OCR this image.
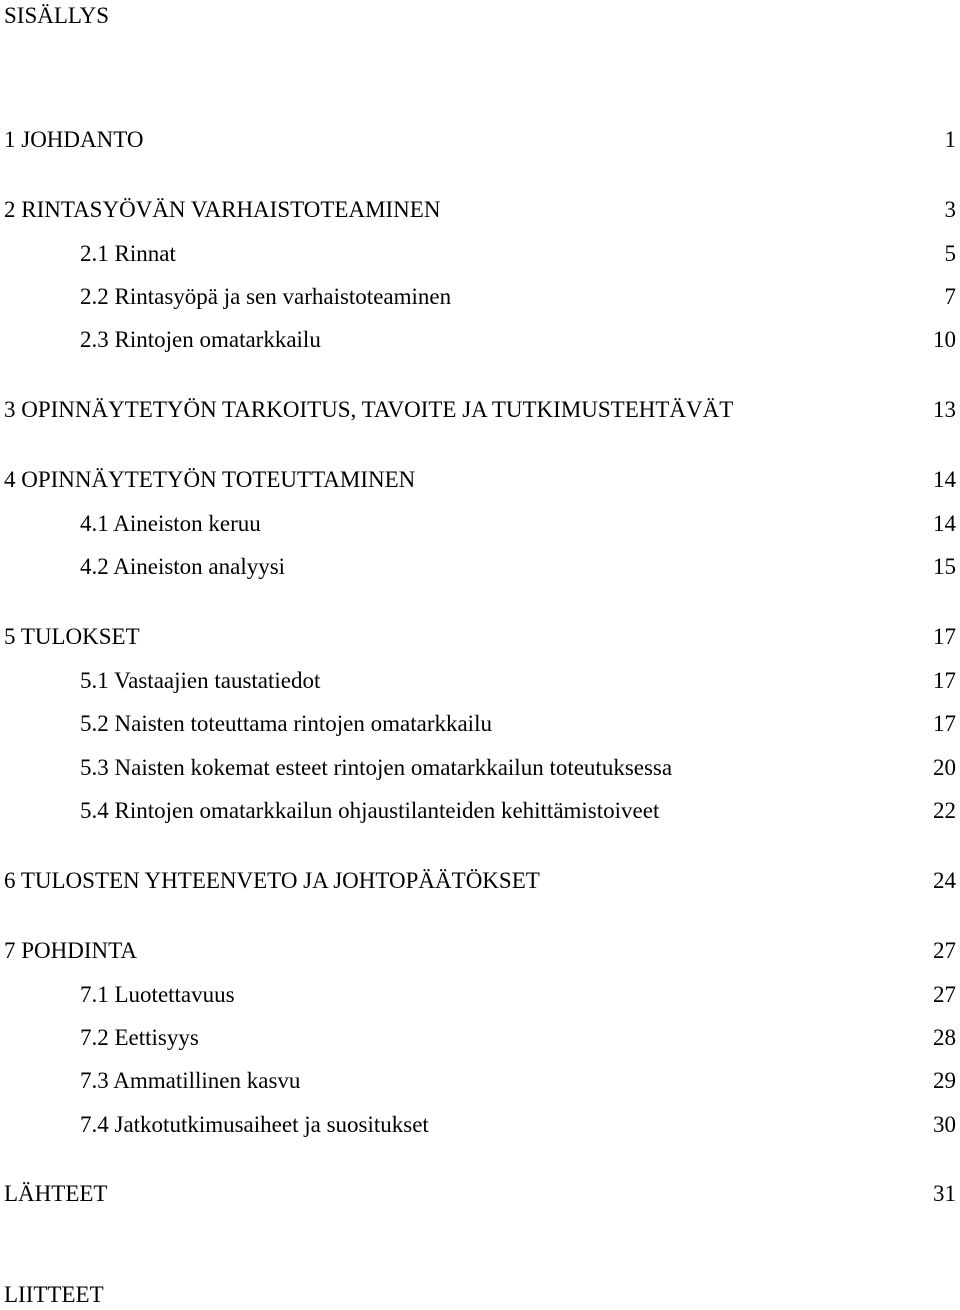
SISÄLLYS
1 JOHDANTO	1
2 RINTASYÖVÄN VARHAISTOTEAMINEN	3
2.1 Rinnat	5
2.2 Rintasyöpä ja sen varhaistoteaminen	7
2.3 Rintojen omatarkkailu	10
3 OPINNÄYTETYÖN TARKOITUS, TAVOITE JA TUTKIMUSTEHTÄVÄT	13
4 OPINNÄYTETYÖN TOTEUTTAMINEN	14
4.1 Aineiston keruu	14
4.2 Aineiston analyysi	15
5 TULOKSET	17
5.1 Vastaajien taustatiedot	17
5.2 Naisten toteuttama rintojen omatarkkailu	17
5.3 Naisten kokemat esteet rintojen omatarkkailun toteutuksessa	20
5.4 Rintojen omatarkkailun ohjaustilanteiden kehittämistoiveet	22
6 TULOSTEN YHTEENVETO JA JOHTOPÄÄTÖKSET	24
7 POHDINTA	27
7.1 Luotettavuus	27
7.2 Eettisyys	28
7.3 Ammatillinen kasvu	29
7.4 Jatkotutkimusaiheet ja suositukset	30
LÄHTEET	31
LIITTEET
